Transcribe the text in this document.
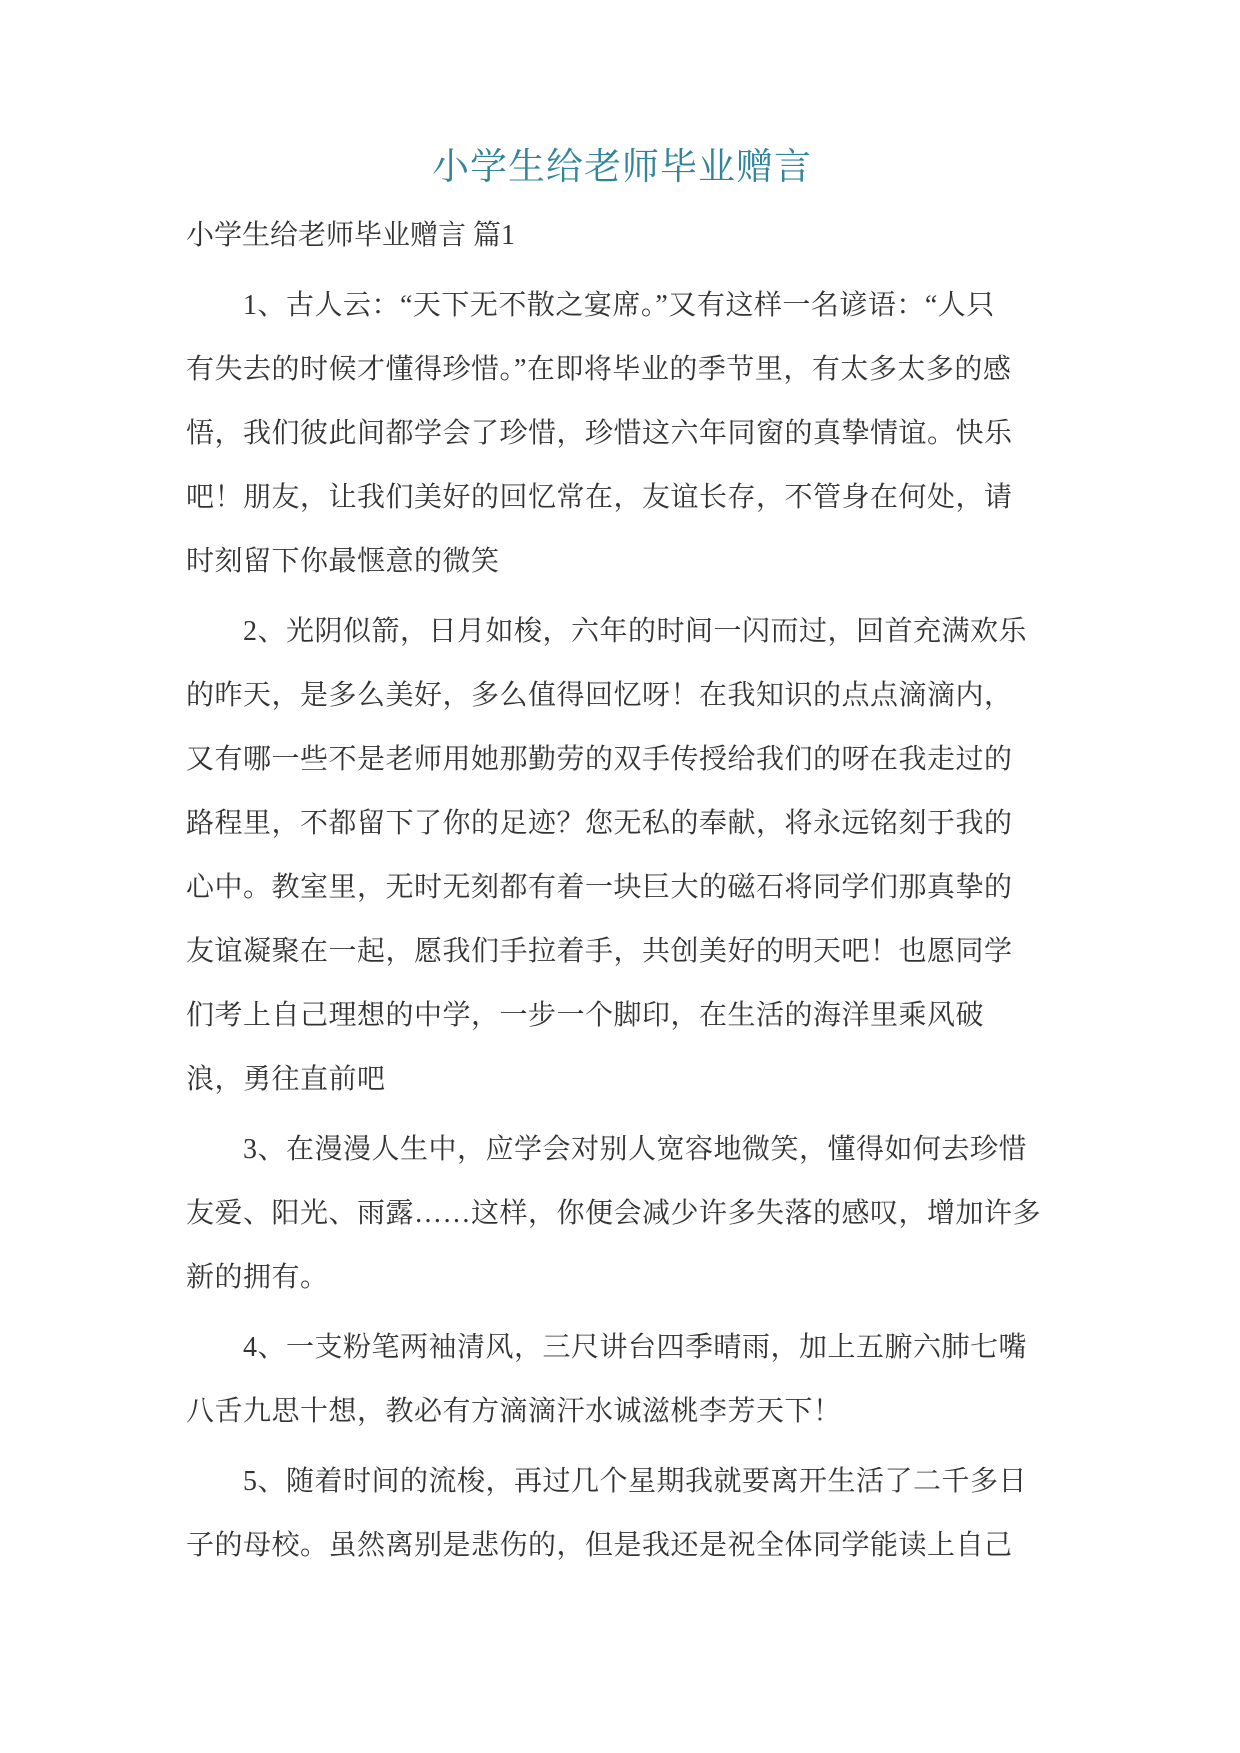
小学生给老师毕业赠言
小学生给老师毕业赠言 篇1
1、古人云：“天下无不散之宴席。”又有这样一名谚语：“人只
有失去的时候才懂得珍惜。”在即将毕业的季节里，有太多太多的感
悟，我们彼此间都学会了珍惜，珍惜这六年同窗的真挚情谊。快乐
吧！朋友，让我们美好的回忆常在，友谊长存，不管身在何处，请
时刻留下你最惬意的微笑
2、光阴似箭，日月如梭，六年的时间一闪而过，回首充满欢乐
的昨天，是多么美好，多么值得回忆呀！在我知识的点点滴滴内，
又有哪一些不是老师用她那勤劳的双手传授给我们的呀在我走过的
路程里，不都留下了你的足迹？您无私的奉献，将永远铭刻于我的
心中。教室里，无时无刻都有着一块巨大的磁石将同学们那真挚的
友谊凝聚在一起，愿我们手拉着手，共创美好的明天吧！也愿同学
们考上自己理想的中学，一步一个脚印，在生活的海洋里乘风破
浪，勇往直前吧
3、在漫漫人生中，应学会对别人宽容地微笑，懂得如何去珍惜
友爱、阳光、雨露……这样，你便会减少许多失落的感叹，增加许多
新的拥有。
4、一支粉笔两袖清风，三尺讲台四季晴雨，加上五腑六肺七嘴
八舌九思十想，教必有方滴滴汗水诚滋桃李芳天下！
5、随着时间的流梭，再过几个星期我就要离开生活了二千多日
子的母校。虽然离别是悲伤的，但是我还是祝全体同学能读上自己
